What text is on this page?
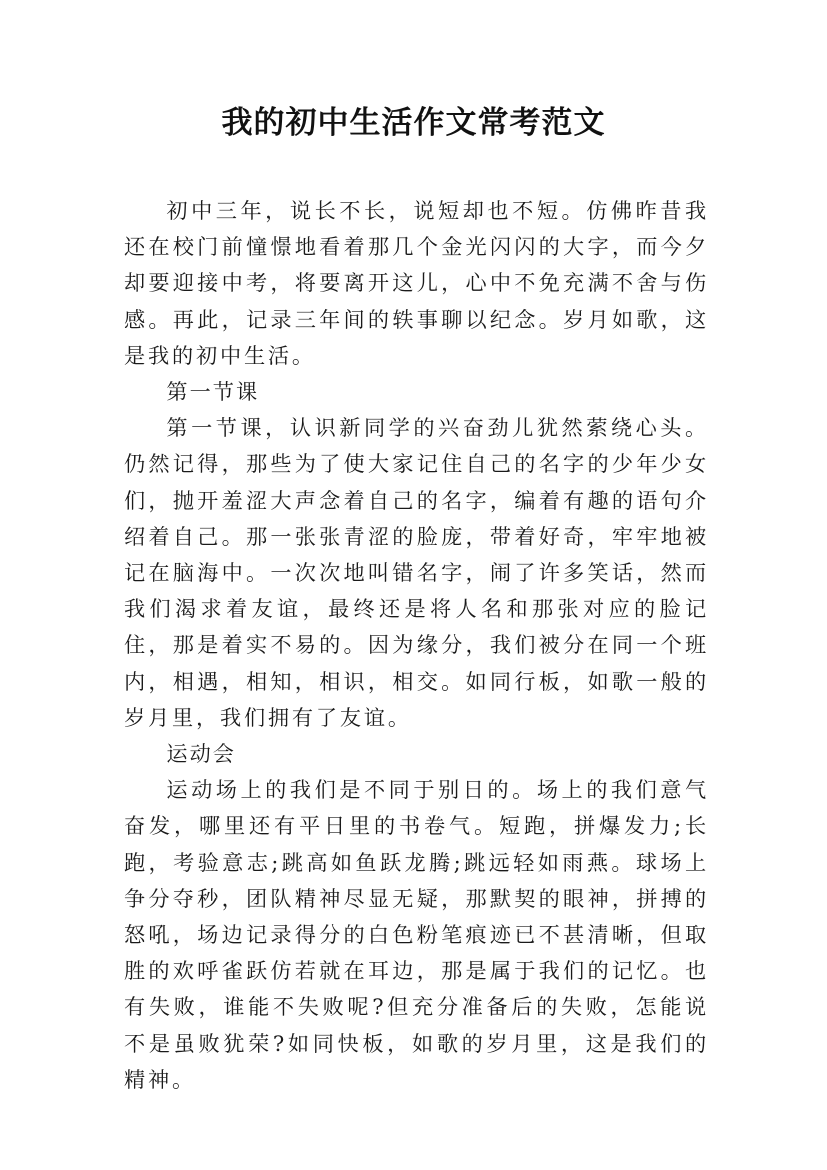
我的初中生活作文常考范文

初中三年，说长不长，说短却也不短。仿佛昨昔我还在校门前憧憬地看着那几个金光闪闪的大字，而今夕却要迎接中考，将要离开这儿，心中不免充满不舍与伤感。再此，记录三年间的轶事聊以纪念。岁月如歌，这是我的初中生活。

第一节课

第一节课，认识新同学的兴奋劲儿犹然萦绕心头。仍然记得，那些为了使大家记住自己的名字的少年少女们，抛开羞涩大声念着自己的名字，编着有趣的语句介绍着自己。那一张张青涩的脸庞，带着好奇，牢牢地被记在脑海中。一次次地叫错名字，闹了许多笑话，然而我们渴求着友谊，最终还是将人名和那张对应的脸记住，那是着实不易的。因为缘分，我们被分在同一个班内，相遇，相知，相识，相交。如同行板，如歌一般的岁月里，我们拥有了友谊。

运动会

运动场上的我们是不同于别日的。场上的我们意气奋发，哪里还有平日里的书卷气。短跑，拼爆发力;长跑，考验意志;跳高如鱼跃龙腾;跳远轻如雨燕。球场上争分夺秒，团队精神尽显无疑，那默契的眼神，拼搏的怒吼，场边记录得分的白色粉笔痕迹已不甚清晰，但取胜的欢呼雀跃仿若就在耳边，那是属于我们的记忆。也有失败，谁能不失败呢?但充分准备后的失败，怎能说不是虽败犹荣?如同快板，如歌的岁月里，这是我们的精神。
